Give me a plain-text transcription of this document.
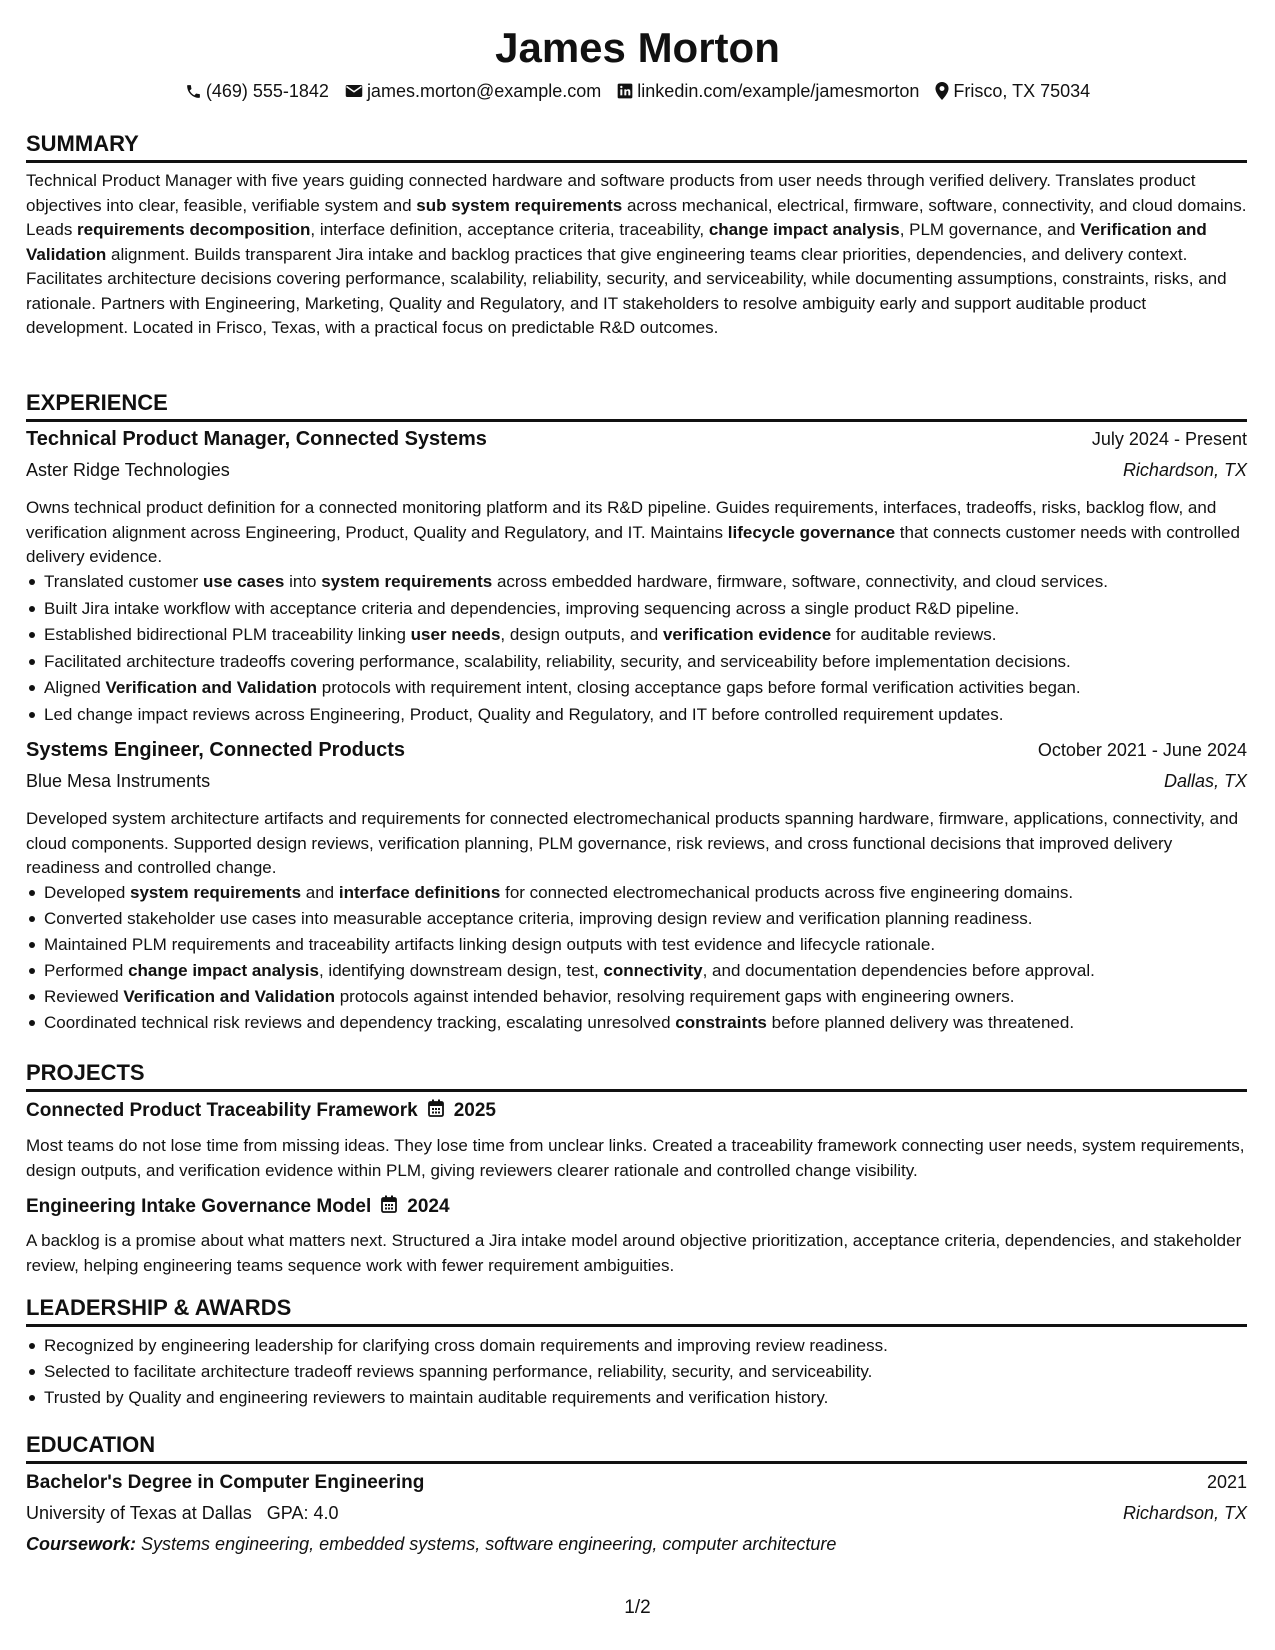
James Morton
(469) 555-1842 james.morton@example.com linkedin.com/example/jamesmorton Frisco, TX 75034
SUMMARY

Technical Product Manager with five years guiding connected hardware and software products from user needs through verified delivery. Translates product objectives into clear, feasible, verifiable system and sub system requirements across mechanical, electrical, firmware, software, connectivity, and cloud domains. Leads requirements decomposition, interface definition, acceptance criteria, traceability, change impact analysis, PLM governance, and Verification and Validation alignment. Builds transparent Jira intake and backlog practices that give engineering teams clear priorities, dependencies, and delivery context. Facilitates architecture decisions covering performance, scalability, reliability, security, and serviceability, while documenting assumptions, constraints, risks, and rationale. Partners with Engineering, Marketing, Quality and Regulatory, and IT stakeholders to resolve ambiguity early and support auditable product development. Located in Frisco, Texas, with a practical focus on predictable R&D outcomes.

EXPERIENCE
Technical Product Manager, Connected Systems	July 2024 - Present
Aster Ridge Technologies	Richardson, TX

Owns technical product definition for a connected monitoring platform and its R&D pipeline. Guides requirements, interfaces, tradeoffs, risks, backlog flow, and verification alignment across Engineering, Product, Quality and Regulatory, and IT. Maintains lifecycle governance that connects customer needs with controlled delivery evidence.

Translated customer use cases into system requirements across embedded hardware, firmware, software, connectivity, and cloud services.
Built Jira intake workflow with acceptance criteria and dependencies, improving sequencing across a single product R&D pipeline.
Established bidirectional PLM traceability linking user needs, design outputs, and verification evidence for auditable reviews.
Facilitated architecture tradeoffs covering performance, scalability, reliability, security, and serviceability before implementation decisions.
Aligned Verification and Validation protocols with requirement intent, closing acceptance gaps before formal verification activities began.
Led change impact reviews across Engineering, Product, Quality and Regulatory, and IT before controlled requirement updates.
Systems Engineer, Connected Products	October 2021 - June 2024
Blue Mesa Instruments	Dallas, TX

Developed system architecture artifacts and requirements for connected electromechanical products spanning hardware, firmware, applications, connectivity, and cloud components. Supported design reviews, verification planning, PLM governance, risk reviews, and cross functional decisions that improved delivery readiness and controlled change.

Developed system requirements and interface definitions for connected electromechanical products across five engineering domains.
Converted stakeholder use cases into measurable acceptance criteria, improving design review and verification planning readiness.
Maintained PLM requirements and traceability artifacts linking design outputs with test evidence and lifecycle rationale.
Performed change impact analysis, identifying downstream design, test, connectivity, and documentation dependencies before approval.
Reviewed Verification and Validation protocols against intended behavior, resolving requirement gaps with engineering owners.
Coordinated technical risk reviews and dependency tracking, escalating unresolved constraints before planned delivery was threatened.
PROJECTS
Connected Product Traceability Framework 2025

Most teams do not lose time from missing ideas. They lose time from unclear links. Created a traceability framework connecting user needs, system requirements, design outputs, and verification evidence within PLM, giving reviewers clearer rationale and controlled change visibility.

Engineering Intake Governance Model 2024

A backlog is a promise about what matters next. Structured a Jira intake model around objective prioritization, acceptance criteria, dependencies, and stakeholder review, helping engineering teams sequence work with fewer requirement ambiguities.

LEADERSHIP & AWARDS
Recognized by engineering leadership for clarifying cross domain requirements and improving review readiness.
Selected to facilitate architecture tradeoff reviews spanning performance, reliability, security, and serviceability.
Trusted by Quality and engineering reviewers to maintain auditable requirements and verification history.
EDUCATION
Bachelor's Degree in Computer Engineering	2021
University of Texas at Dallas GPA: 4.0	Richardson, TX
Coursework: Systems engineering, embedded systems, software engineering, computer architecture
1/2
